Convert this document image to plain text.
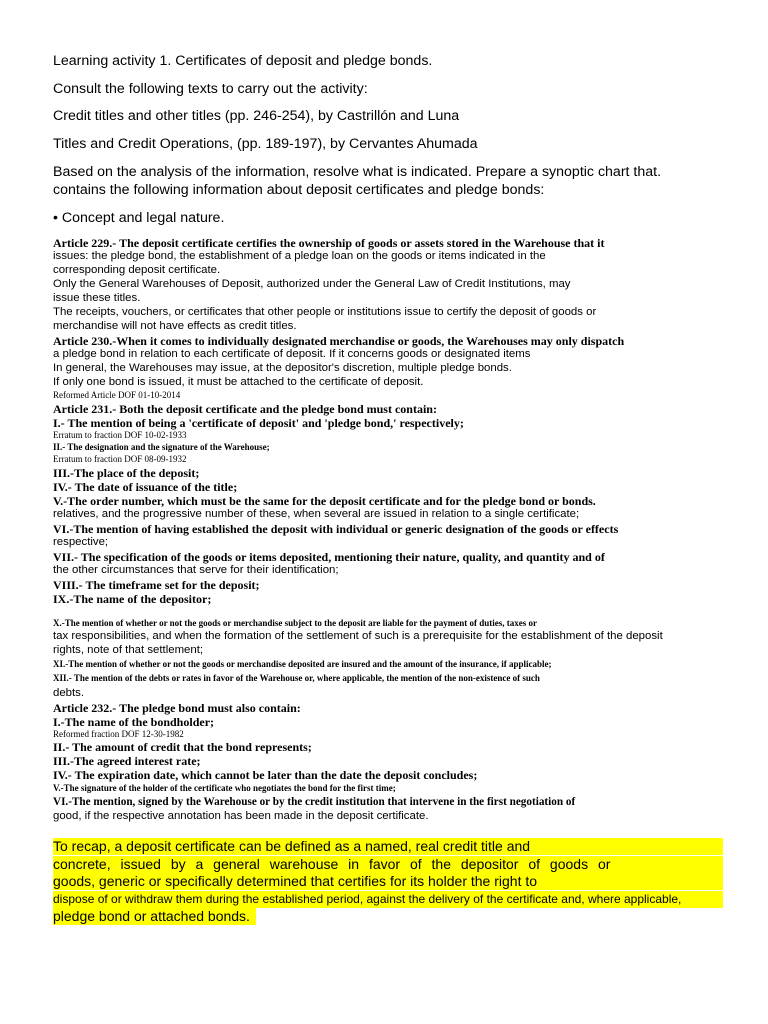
Learning activity 1. Certificates of deposit and pledge bonds.
Consult the following texts to carry out the activity:
Credit titles and other titles (pp. 246-254), by Castrillón and Luna
Titles and Credit Operations, (pp. 189-197), by Cervantes Ahumada
Based on the analysis of the information, resolve what is indicated. Prepare a synoptic chart that.
contains the following information about deposit certificates and pledge bonds:
• Concept and legal nature.
Article 229.- The deposit certificate certifies the ownership of goods or assets stored in the Warehouse that it
issues: the pledge bond, the establishment of a pledge loan on the goods or items indicated in the
corresponding deposit certificate.
Only the General Warehouses of Deposit, authorized under the General Law of Credit Institutions, may
issue these titles.
The receipts, vouchers, or certificates that other people or institutions issue to certify the deposit of goods or
merchandise will not have effects as credit titles.
Article 230.-When it comes to individually designated merchandise or goods, the Warehouses may only dispatch
a pledge bond in relation to each certificate of deposit. If it concerns goods or designated items
In general, the Warehouses may issue, at the depositor's discretion, multiple pledge bonds.
If only one bond is issued, it must be attached to the certificate of deposit.
Reformed Article DOF 01-10-2014
Article 231.- Both the deposit certificate and the pledge bond must contain:
I.- The mention of being a 'certificate of deposit' and 'pledge bond,' respectively;
Erratum to fraction DOF 10-02-1933
II.- The designation and the signature of the Warehouse;
Erratum to fraction DOF 08-09-1932
III.-The place of the deposit;
IV.- The date of issuance of the title;
V.-The order number, which must be the same for the deposit certificate and for the pledge bond or bonds.
relatives, and the progressive number of these, when several are issued in relation to a single certificate;
VI.-The mention of having established the deposit with individual or generic designation of the goods or effects
respective;
VII.- The specification of the goods or items deposited, mentioning their nature, quality, and quantity and of
the other circumstances that serve for their identification;
VIII.- The timeframe set for the deposit;
IX.-The name of the depositor;
X.-The mention of whether or not the goods or merchandise subject to the deposit are liable for the payment of duties, taxes or
tax responsibilities, and when the formation of the settlement of such is a prerequisite for the establishment of the deposit
rights, note of that settlement;
XI.-The mention of whether or not the goods or merchandise deposited are insured and the amount of the insurance, if applicable;
XII.- The mention of the debts or rates in favor of the Warehouse or, where applicable, the mention of the non-existence of such
debts.
Article 232.- The pledge bond must also contain:
I.-The name of the bondholder;
Reformed fraction DOF 12-30-1982
II.- The amount of credit that the bond represents;
III.-The agreed interest rate;
IV.- The expiration date, which cannot be later than the date the deposit concludes;
V.-The signature of the holder of the certificate who negotiates the bond for the first time;
VI.-The mention, signed by the Warehouse or by the credit institution that intervene in the first negotiation of
good, if the respective annotation has been made in the deposit certificate.
To recap, a deposit certificate can be defined as a named, real credit title and
concrete, issued by a general warehouse in favor of the depositor of goods or
goods, generic or specifically determined that certifies for its holder the right to
dispose of or withdraw them during the established period, against the delivery of the certificate and, where applicable,
pledge bond or attached bonds.
